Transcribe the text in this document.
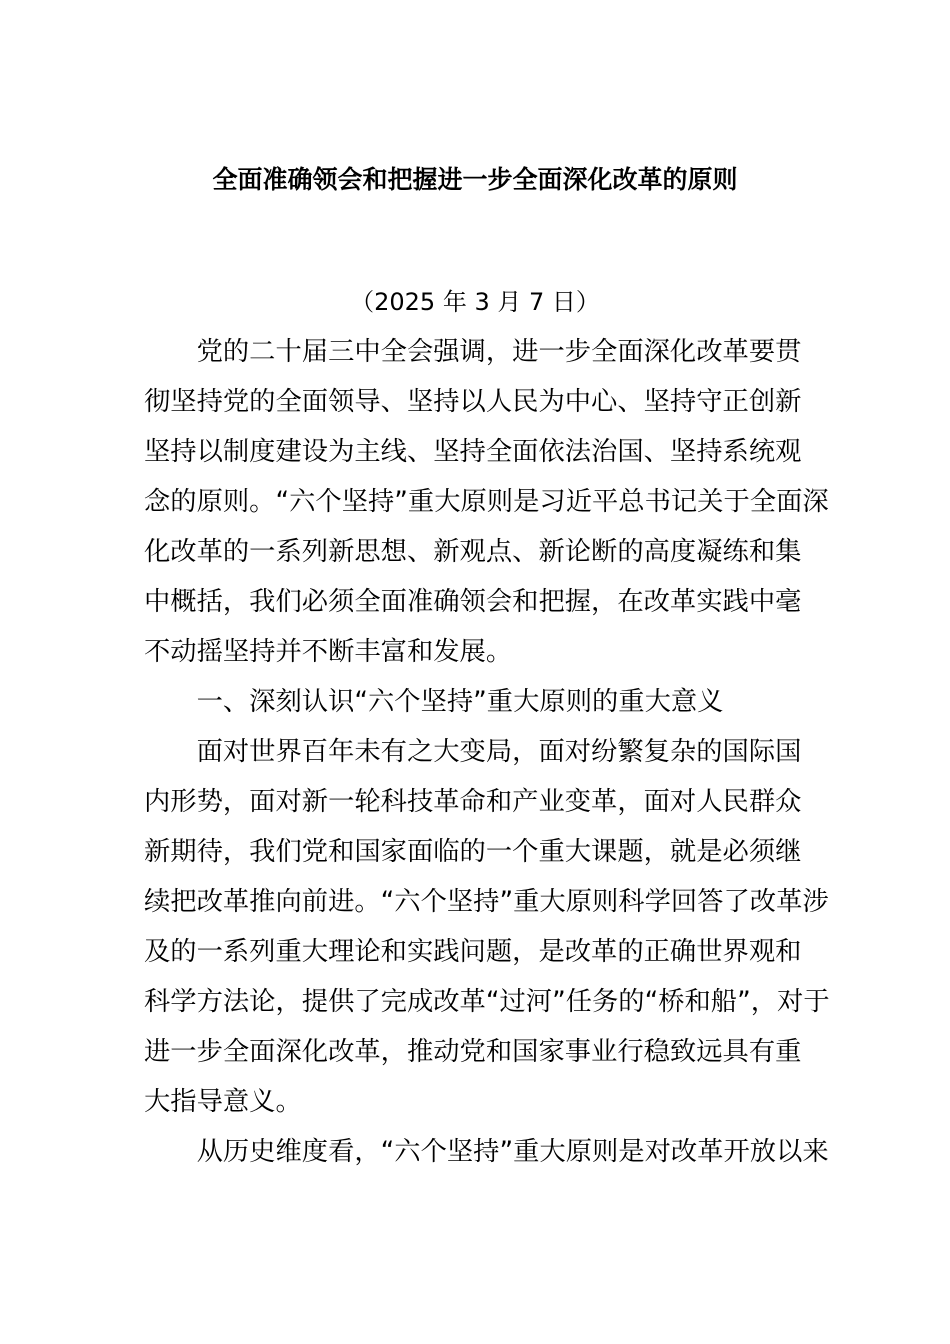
全面准确领会和把握进一步全面深化改革的原则
（2025 年 3 月 7 日）
　　党的二十届三中全会强调，进一步全面深化改革要贯
彻坚持党的全面领导、坚持以人民为中心、坚持守正创新
坚持以制度建设为主线、坚持全面依法治国、坚持系统观
念的原则。“六个坚持”重大原则是习近平总书记关于全面深
化改革的一系列新思想、新观点、新论断的高度凝练和集
中概括，我们必须全面准确领会和把握，在改革实践中毫
不动摇坚持并不断丰富和发展。
　　一、深刻认识“六个坚持”重大原则的重大意义
　　面对世界百年未有之大变局，面对纷繁复杂的国际国
内形势，面对新一轮科技革命和产业变革，面对人民群众
新期待，我们党和国家面临的一个重大课题，就是必须继
续把改革推向前进。“六个坚持”重大原则科学回答了改革涉
及的一系列重大理论和实践问题，是改革的正确世界观和
科学方法论，提供了完成改革“过河”任务的“桥和船”，对于
进一步全面深化改革，推动党和国家事业行稳致远具有重
大指导意义。
　　从历史维度看，“六个坚持”重大原则是对改革开放以来
